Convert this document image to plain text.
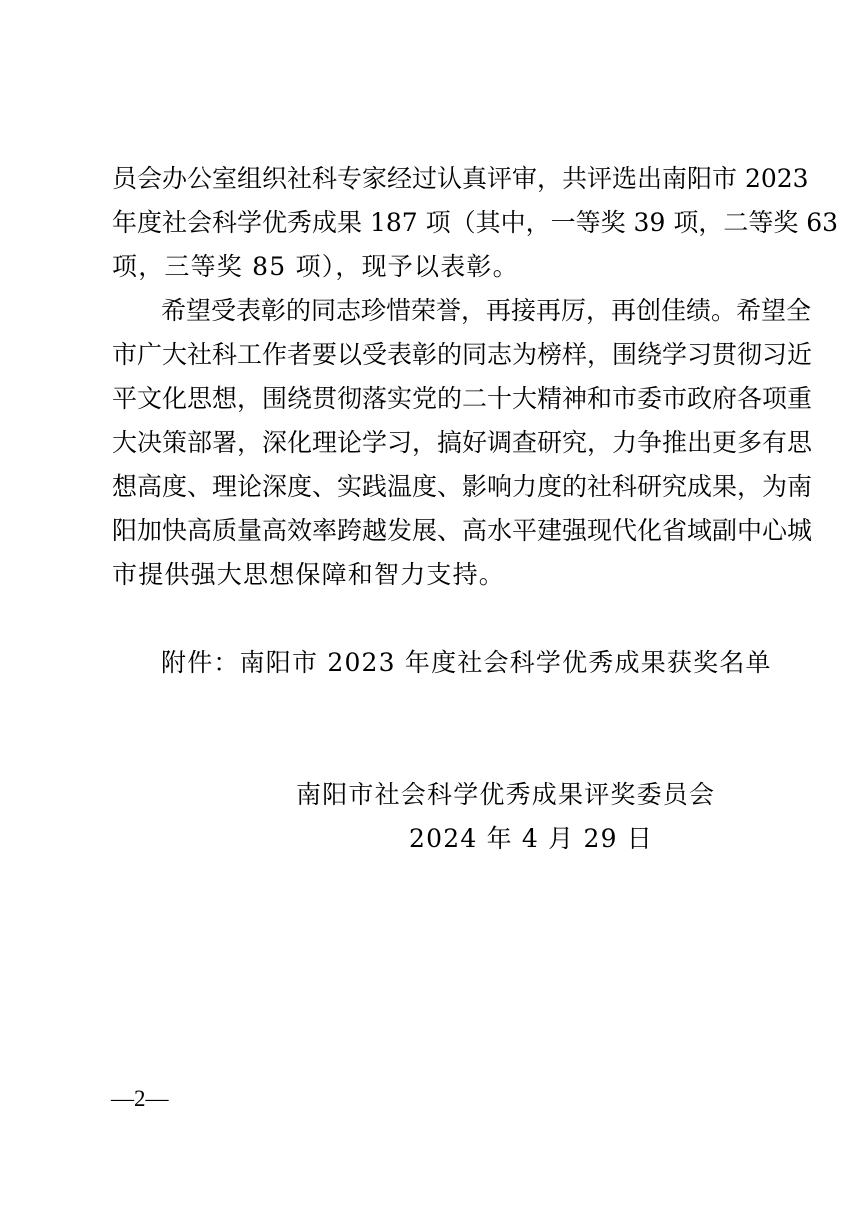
员会办公室组织社科专家经过认真评审，共评选出南阳市 2023
年度社会科学优秀成果 187 项（其中，一等奖 39 项，二等奖 63
项，三等奖 85 项），现予以表彰。
希望受表彰的同志珍惜荣誉，再接再厉，再创佳绩。希望全
市广大社科工作者要以受表彰的同志为榜样，围绕学习贯彻习近
平文化思想，围绕贯彻落实党的二十大精神和市委市政府各项重
大决策部署，深化理论学习，搞好调查研究，力争推出更多有思
想高度、理论深度、实践温度、影响力度的社科研究成果，为南
阳加快高质量高效率跨越发展、高水平建强现代化省域副中心城
市提供强大思想保障和智力支持。
附件：南阳市 2023 年度社会科学优秀成果获奖名单
南阳市社会科学优秀成果评奖委员会
2024 年 4 月 29 日
—2—
